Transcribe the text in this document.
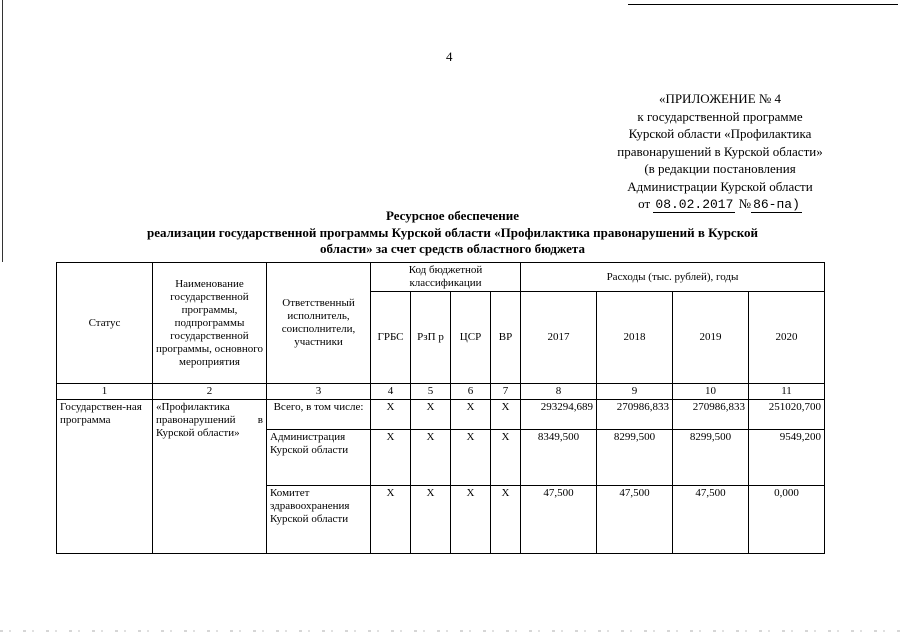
4
«ПРИЛОЖЕНИЕ № 4
к государственной программе
Курской области «Профилактика
правонарушений в Курской области»
(в редакции постановления
Администрации Курской области
от 08.02.2017 № 86-па)
Ресурсное обеспечение
реализации государственной программы Курской области «Профилактика правонарушений в Курской
области» за счет средств областного бюджета
Статус	Наименование государственной программы, подпрограммы государственной программы, основного мероприятия	Ответственный исполнитель, соисполнители, участники	Код бюджетной классификации				Расходы (тыс. рублей), годы			
			ГРБС	РзП р	ЦСР	ВР	2017	2018	2019	2020
1	2	3	4	5	6	7	8	9	10	11
Государствен-ная программа	«Профилактика правонарушений в Курской области»	Всего, в том числе:	Х	Х	Х	Х	293294,689	270986,833	270986,833	251020,700
		Администрация Курской области	Х	Х	Х	Х	8349,500	8299,500	8299,500	9549,200
		Комитет здравоохранения Курской области	Х	Х	Х	Х	47,500	47,500	47,500	0,000
